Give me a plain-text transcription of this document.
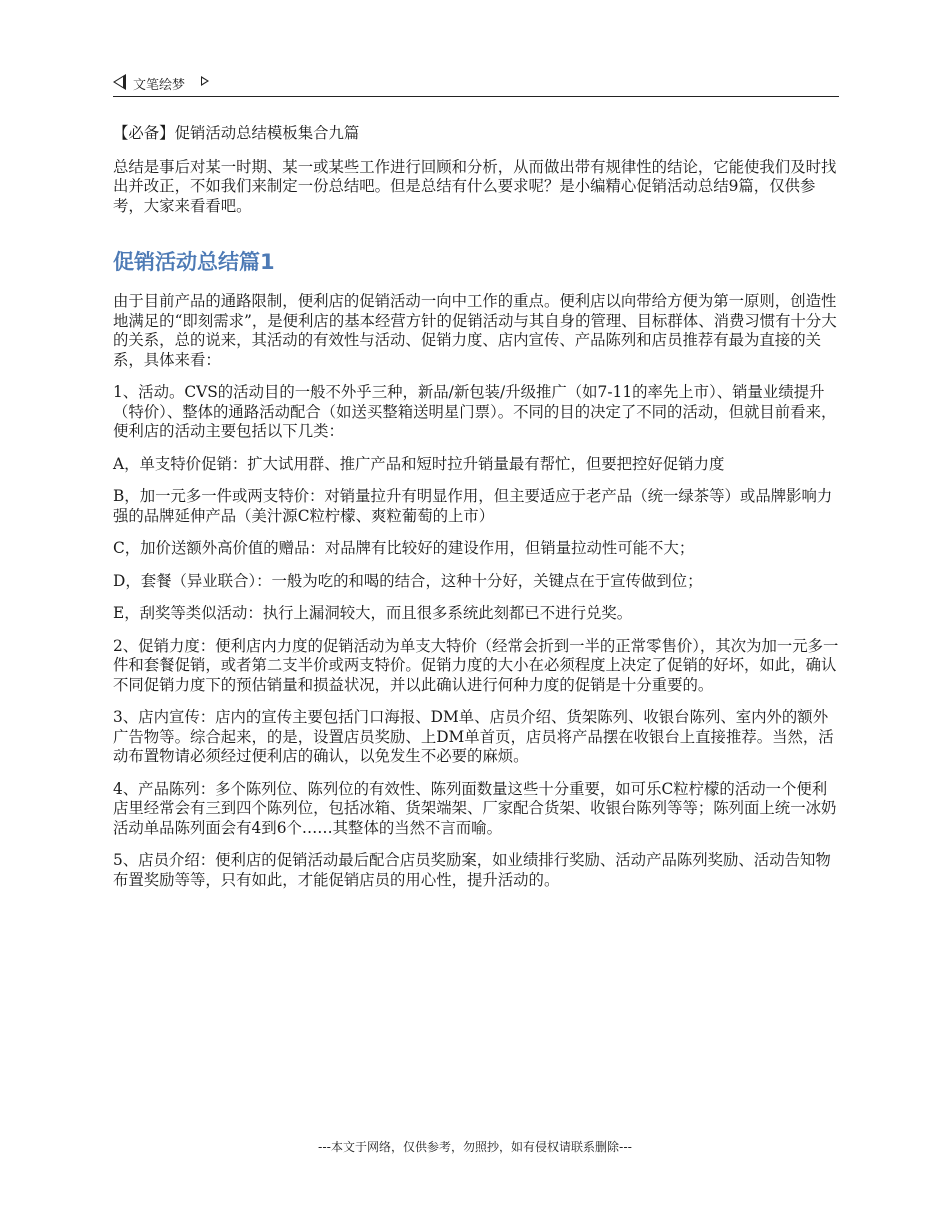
文笔绘梦

【必备】促销活动总结模板集合九篇

总结是事后对某一时期、某一或某些工作进行回顾和分析，从而做出带有规律性的结论，它能使我们及时找出并改正，不如我们来制定一份总结吧。但是总结有什么要求呢？是小编精心促销活动总结9篇，仅供参考，大家来看看吧。

促销活动总结篇1

由于目前产品的通路限制，便利店的促销活动一向中工作的重点。便利店以向带给方便为第一原则，创造性地满足的“即刻需求”，是便利店的基本经营方针的促销活动与其自身的管理、目标群体、消费习惯有十分大的关系，总的说来，其活动的有效性与活动、促销力度、店内宣传、产品陈列和店员推荐有最为直接的关系，具体来看：

1、活动。CVS的活动目的一般不外乎三种，新品/新包装/升级推广（如7-11的率先上市）、销量业绩提升（特价）、整体的通路活动配合（如送买整箱送明星门票）。不同的目的决定了不同的活动，但就目前看来，便利店的活动主要包括以下几类：

A，单支特价促销：扩大试用群、推广产品和短时拉升销量最有帮忙，但要把控好促销力度

B，加一元多一件或两支特价：对销量拉升有明显作用，但主要适应于老产品（统一绿茶等）或品牌影响力强的品牌延伸产品（美汁源C粒柠檬、爽粒葡萄的上市）

C，加价送额外高价值的赠品：对品牌有比较好的建设作用，但销量拉动性可能不大；

D，套餐（异业联合）：一般为吃的和喝的结合，这种十分好，关键点在于宣传做到位；

E，刮奖等类似活动：执行上漏洞较大，而且很多系统此刻都已不进行兑奖。

2、促销力度：便利店内力度的促销活动为单支大特价（经常会折到一半的正常零售价），其次为加一元多一件和套餐促销，或者第二支半价或两支特价。促销力度的大小在必须程度上决定了促销的好坏，如此，确认不同促销力度下的预估销量和损益状况，并以此确认进行何种力度的促销是十分重要的。

3、店内宣传：店内的宣传主要包括门口海报、DM单、店员介绍、货架陈列、收银台陈列、室内外的额外广告物等。综合起来，的是，设置店员奖励、上DM单首页，店员将产品摆在收银台上直接推荐。当然，活动布置物请必须经过便利店的确认，以免发生不必要的麻烦。

4、产品陈列：多个陈列位、陈列位的有效性、陈列面数量这些十分重要，如可乐C粒柠檬的活动一个便利店里经常会有三到四个陈列位，包括冰箱、货架端架、厂家配合货架、收银台陈列等等；陈列面上统一冰奶活动单品陈列面会有4到6个……其整体的当然不言而喻。

5、店员介绍：便利店的促销活动最后配合店员奖励案，如业绩排行奖励、活动产品陈列奖励、活动告知物布置奖励等等，只有如此，才能促销店员的用心性，提升活动的。

---本文于网络，仅供参考，勿照抄，如有侵权请联系删除---
